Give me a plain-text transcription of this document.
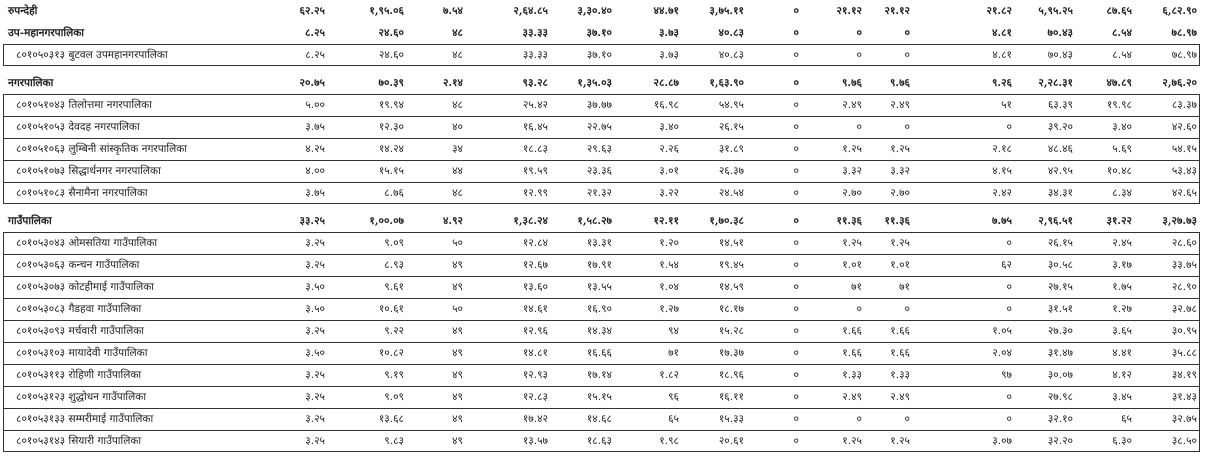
रुपन्देही	६२.२५	१,९५.०६	७.५४	२,६४.८५	३,३०.४०	४४.७१	३,७५.११	०	२१.१२	२१.१२	२१.८२	५,९५.२५	८७.६५	६,८२.९०
उप-महानगरपालिका	८.२५	२४.६०	४८	३३.३३	३७.१०	३.७३	४०.८३	०	०	०	४.८१	७०.४३	८.५४	७८.९७
८०१०५०३१३ बुटवल उपमहानगरपालिका	८.२५	२४.६०	४८	३३.३३	३७.१०	३.७३	४०.८३	०	०	०	४.८१	७०.४३	८.५४	७८.९७
नगरपालिका	२०.७५	७०.३९	२.१४	९३.२८	१,३५.०३	२८.८७	१,६३.९०	०	९.७६	९.७६	९.२६	२,२८.३१	४७.८९	२,७६.२०
८०१०५१०४३ तिलोत्तमा नगरपालिका	५.००	१९.९४	४८	२५.४२	३७.७७	१६.९८	५४.९५	०	२.४९	२.४९	५१	६३.३९	१९.९८	८३.३७
८०१०५१०५३ देवदह नगरपालिका	३.७५	१२.३०	४०	१६.४५	२२.७५	३.४०	२६.१५	०	०	०	०	३९.२०	३.४०	४२.६०
८०१०५१०६३ लुम्बिनी सांस्कृतिक नगरपालिका	४.२५	१४.२४	३४	१८.८३	२९.६३	२.२६	३१.८९	०	१.२५	१.२५	२.१८	४८.४६	५.६९	५४.१५
८०१०५१०७३ सिद्धार्थनगर नगरपालिका	४.००	१५.१५	४४	१९.५९	२३.३६	३.०१	२६.३७	०	३.३२	३.३२	४.१५	४२.९५	१०.४८	५३.४३
८०१०५१०८३ सैनामैना नगरपालिका	३.७५	८.७६	४८	१२.९९	२१.३२	३.२२	२४.५४	०	२.७०	२.७०	२.४२	३४.३१	८.३४	४२.६५
गाउँपालिका	३३.२५	१,००.०७	४.९२	१,३८.२४	१,५८.२७	१२.११	१,७०.३८	०	११.३६	११.३६	७.७५	२,९६.५१	३१.२२	३,२७.७३
८०१०५३०४३ ओमसतिया गाउँपालिका	३.२५	९.०९	५०	१२.८४	१३.३१	१.२०	१४.५१	०	१.२५	१.२५	०	२६.१५	२.४५	२८.६०
८०१०५३०६३ कन्चन गाउँपालिका	३.२५	८.९३	४९	१२.६७	१७.९१	१.५४	१९.४५	०	१.०१	१.०१	६२	३०.५८	३.१७	३३.७५
८०१०५३०७३ कोटहीमाई गाउँपालिका	३.५०	९.६१	४९	१३.६०	१३.५५	१.०४	१४.५९	०	७१	७१	०	२७.१५	१.७५	२८.९०
८०१०५३०८३ गैडहवा गाउँपालिका	३.५०	१०.६१	५०	१४.६१	१६.९०	१.२७	१८.१७	०	०	०	०	३१.५१	१.२७	३२.७८
८०१०५३०९३ मर्चवारी गाउँपालिका	३.२५	९.२२	४९	१२.९६	१४.३४	९४	१५.२८	०	१.६६	१.६६	१.०५	२७.३०	३.६५	३०.९५
८०१०५३१०३ मायादेवी गाउँपालिका	३.५०	१०.८२	४९	१४.८१	१६.६६	७१	१७.३७	०	१.६६	१.६६	२.०४	३१.४७	४.४१	३५.८८
८०१०५३११३ रोहिणी गाउँपालिका	३.२५	९.१९	४९	१२.९३	१७.१४	१.८२	१८.९६	०	१.३३	१.३३	९७	३०.०७	४.१२	३४.१९
८०१०५३१२३ शुद्धोधन गाउँपालिका	३.२५	९.०९	४९	१२.८३	१५.१५	९६	१६.११	०	२.४९	२.४९	०	२७.९८	३.४५	३१.४३
८०१०५३१३३ सम्मरीमाई गाउँपालिका	३.२५	१३.६८	४९	१७.४२	१४.६८	६५	१५.३३	०	०	०	०	३२.१०	६५	३२.७५
८०१०५३१४३ सियारी गाउँपालिका	३.२५	९.८३	४९	१३.५७	१८.६३	१.९८	२०.६१	०	१.२५	१.२५	३.०७	३२.२०	६.३०	३८.५०
